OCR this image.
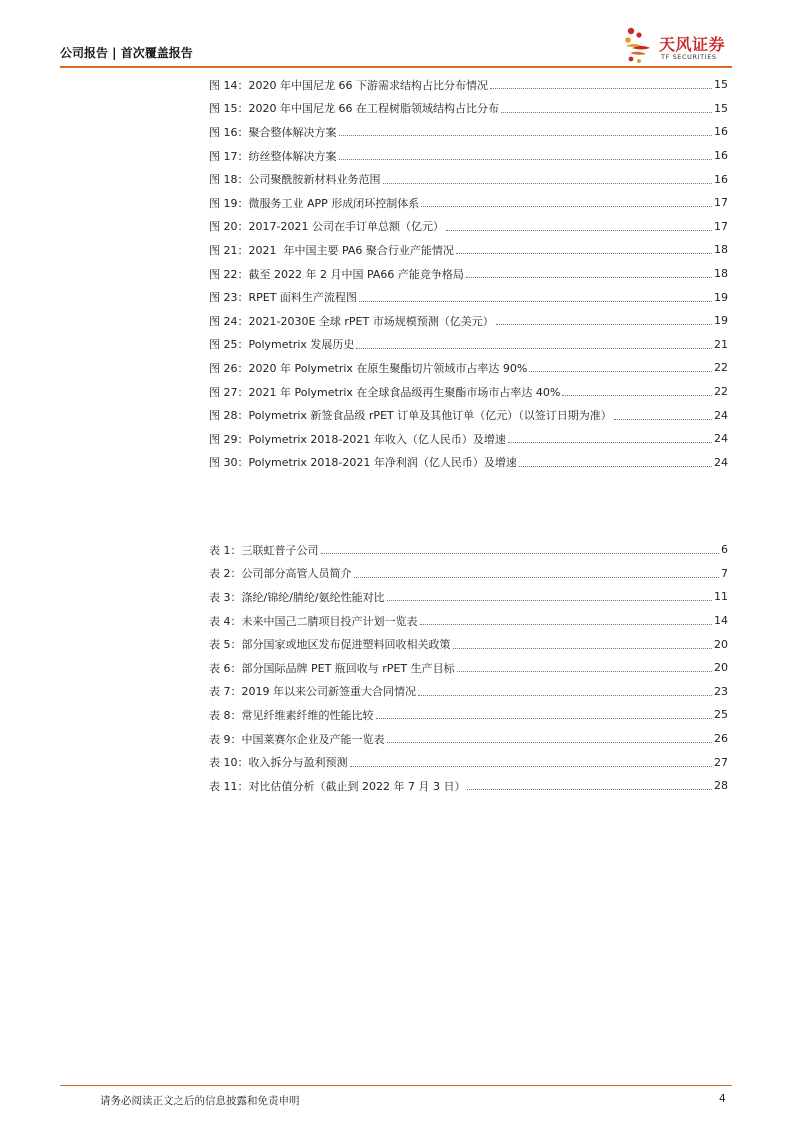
公司报告 | 首次覆盖报告	天风证券
TF SECURITIES
图 14：2020 年中国尼龙 66 下游需求结构占比分布情况	15
图 15：2020 年中国尼龙 66 在工程树脂领域结构占比分布	15
图 16：聚合整体解决方案	16
图 17：纺丝整体解决方案	16
图 18：公司聚酰胺新材料业务范围	16
图 19：微服务工业 APP 形成闭环控制体系	17
图 20：2017-2021 公司在手订单总额（亿元）	17
图 21：2021  年中国主要 PA6 聚合行业产能情况	18
图 22：截至 2022 年 2 月中国 PA66 产能竞争格局	18
图 23：RPET 面料生产流程图	19
图 24：2021-2030E 全球 rPET 市场规模预测（亿美元）	19
图 25：Polymetrix 发展历史	21
图 26：2020 年 Polymetrix 在原生聚酯切片领域市占率达 90%	22
图 27：2021 年 Polymetrix 在全球食品级再生聚酯市场市占率达 40%	22
图 28：Polymetrix 新签食品级 rPET 订单及其他订单（亿元）（以签订日期为准）	24
图 29：Polymetrix 2018-2021 年收入（亿人民币）及增速	24
图 30：Polymetrix 2018-2021 年净利润（亿人民币）及增速	24
表 1：三联虹普子公司	6
表 2：公司部分高管人员简介	7
表 3：涤纶/锦纶/腈纶/氨纶性能对比	11
表 4：未来中国己二腈项目投产计划一览表	14
表 5：部分国家或地区发布促进塑料回收相关政策	20
表 6：部分国际品牌 PET 瓶回收与 rPET 生产目标	20
表 7：2019 年以来公司新签重大合同情况	23
表 8：常见纤维素纤维的性能比较	25
表 9：中国莱赛尔企业及产能一览表	26
表 10：收入拆分与盈利预测	27
表 11：对比估值分析（截止到 2022 年 7 月 3 日）	28
请务必阅读正文之后的信息披露和免责申明	4
